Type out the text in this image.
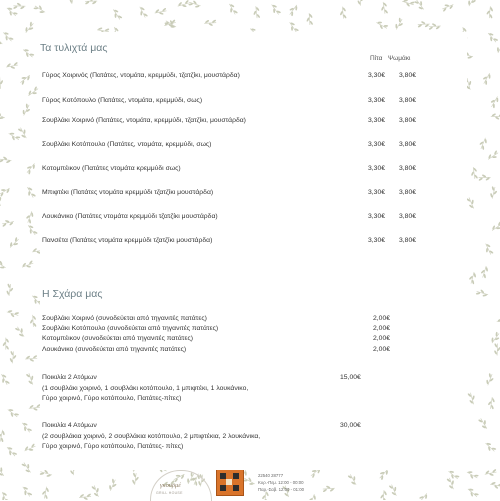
Τα τυλιχτά μας
Πίτα Ψωμάκι
Γύρος Χοιρινός (Πατάτες, ντομάτα, κρεμμύδι, τζατζίκι, μουστάρδα)	3,30€ 3,80€
Γύρος Κοτόπουλο (Πατάτες, ντομάτα, κρεμμύδι, σως)	3,30€ 3,80€
Σουβλάκι Χοιρινό (Πατάτες, ντομάτα, κρεμμύδι, τζατζίκι, μουστάρδα)	3,30€ 3,80€
Σουβλάκι Κοτόπουλο (Πατάτες, ντομάτα, κρεμμύδι, σως)	3,30€ 3,80€
Κοτομπέικον (Πατάτες ντομάτα κρεμμύδι σως)	3,30€ 3,80€
Μπιφτέκι (Πατάτες ντομάτα κρεμμύδι τζατζίκι μουστάρδα)	3,30€ 3,80€
Λουκάνικο (Πατάτες ντομάτα κρεμμύδι τζατζίκι μουστάρδα)	3,30€ 3,80€
Πανσέτα (Πατάτες ντομάτα κρεμμύδι τζατζίκι μουστάρδα)	3,30€ 3,80€
Η Σχάρα μας
Σουβλάκι Χοιρινό (συνοδεύεται από τηγανιτές πατάτες)	2,00€
Σουβλάκι Κοτόπουλο (συνοδεύεται από τηγανιτές πατάτες)	2,00€
Κοτομπέικον (συνοδεύεται από τηγανιτές πατάτες)	2,00€
Λουκάνικο (συνοδεύεται από τηγανιτές πατάτες)	2,00€
Ποικιλία 2 Ατόμων	15,00€
(1 σουβλάκι χοιρινό, 1 σουβλάκι κοτόπουλο, 1 μπιφτέκι, 1 λουκάνικο,
Γύρο χοιρινό, Γύρο κοτόπουλο, Πατάτες-πίτες)
Ποικιλία 4 Ατόμων	30,00€
(2 σουβλάκια χοιρινό, 2 σουβλάκια κοτόπουλο, 2 μπιφτέκια, 2 λουκάνικα,
Γύρο χοιρινό, Γύρο κοτόπουλο, Πατάτες- πίτες)
γκουρμέ
GRILL HOUSE
22540 28777
Κυρ.-Πεμ. 12:00 - 00:00
Παρ.-Σαβ. 12:00 - 01:00
